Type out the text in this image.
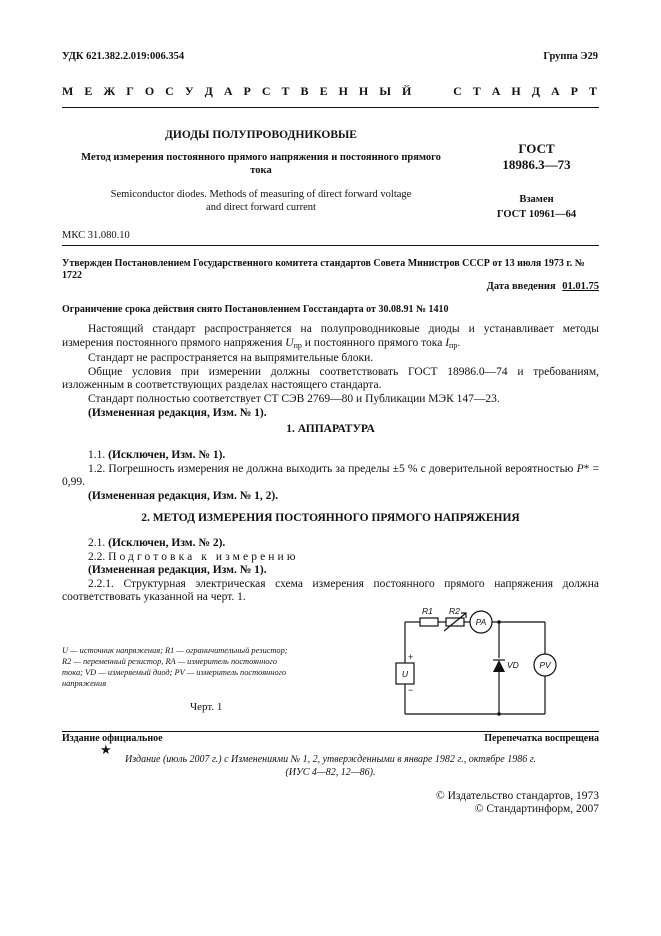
УДК 621.382.2.019:006.354	Группа Э29
М Е Ж Г О С У Д А Р С Т В Е Н Н Ы Й	С Т А Н Д А Р Т
ДИОДЫ ПОЛУПРОВОДНИКОВЫЕ
Метод измерения постоянного прямого напряжения и постоянного прямого тока
Semiconductor diodes. Methods of measuring of direct forward voltage
and direct forward current
ГОСТ
18986.3—73
Взамен
ГОСТ 10961—64
МКС 31.080.10
Утвержден Постановлением Государственного комитета стандартов Совета Министров СССР от 13 июля 1973 г. № 1722
Дата введения 01.01.75
Ограничение срока действия снято Постановлением Госстандарта от 30.08.91 № 1410

Настоящий стандарт распространяется на полупроводниковые диоды и устанавливает методы измерения постоянного прямого напряжения $U_{пр}$ и постоянного прямого тока $I_{пр}$.

Стандарт не распространяется на выпрямительные блоки.

Общие условия при измерении должны соответствовать ГОСТ 18986.0—74 и требованиям, изложенным в соответствующих разделах настоящего стандарта.

Стандарт полностью соответствует СТ СЭВ 2769—80 и Публикации МЭК 147—23.

(Измененная редакция, Изм. № 1).

1. АППАРАТУРА

1.1. (Исключен, Изм. № 1).

1.2. Погрешность измерения не должна выходить за пределы ±5 % с доверительной вероятностью P* = 0,99.

(Измененная редакция, Изм. № 1, 2).

2. МЕТОД ИЗМЕРЕНИЯ ПОСТОЯННОГО ПРЯМОГО НАПРЯЖЕНИЯ

2.1. (Исключен, Изм. № 2).

2.2. Подготовка к измерению

(Измененная редакция, Изм. № 1).

2.2.1. Структурная электрическая схема измерения постоянного прямого напряжения должна соответствовать указанной на черт. 1.

U — источник напряжения; R1 — ограничительный резистор;
R2 — переменный резистор, RA — измеритель постоянного
тока; VD — измеряемый диод; PV — измеритель постоянного
напряжения
Черт. 1
R1 R2
PA
VD PV
U
+
−
Издание официальное	Перепечатка воспрещена
★
Издание (июль 2007 г.) с Изменениями № 1, 2, утвержденными в январе 1982 г., октябре 1986 г.
(ИУС 4—82, 12—86).
© Издательство стандартов, 1973
© Стандартинформ, 2007
